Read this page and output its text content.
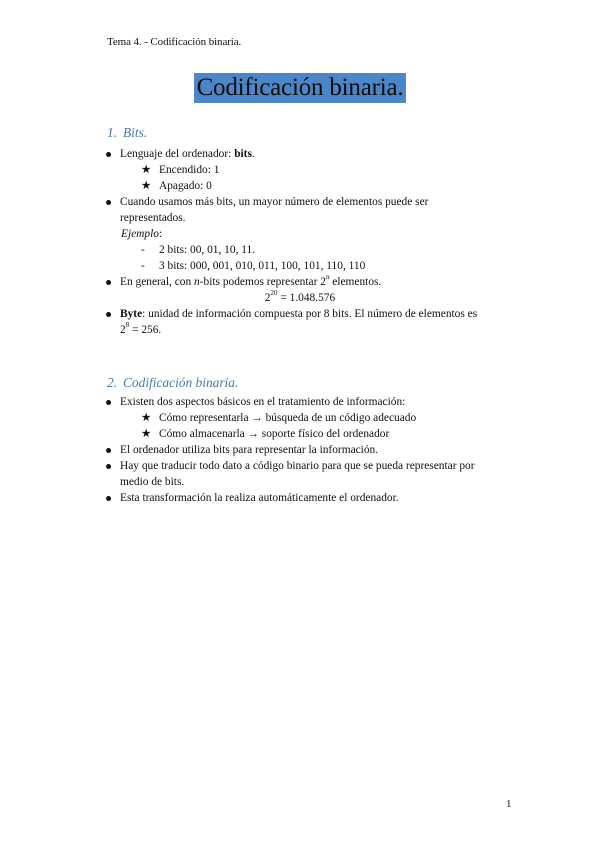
Tema 4. - Codificación binaria.
Codificación binaria.
1. Bits.
Lenguaje del ordenador: bits.
★ Encendido: 1
★ Apagado: 0
Cuando usamos más bits, un mayor número de elementos puede ser
representados.
Ejemplo:
- 2 bits: 00, 01, 10, 11.
- 3 bits: 000, 001, 010, 011, 100, 101, 110, 110
En general, con n-bits podemos representar 2$^n$ elementos.
$2^{20} = 1.048.576$
Byte: unidad de información compuesta por 8 bits. El número de elementos es
$2^8 = 256$.
2. Codificación binaria.
Existen dos aspectos básicos en el tratamiento de información:
★ Cómo representarla → búsqueda de un código adecuado
★ Cómo almacenarla → soporte físico del ordenador
El ordenador utiliza bits para representar la información.
Hay que traducir todo dato a código binario para que se pueda representar por
medio de bits.
Esta transformación la realiza automáticamente el ordenador.
1
